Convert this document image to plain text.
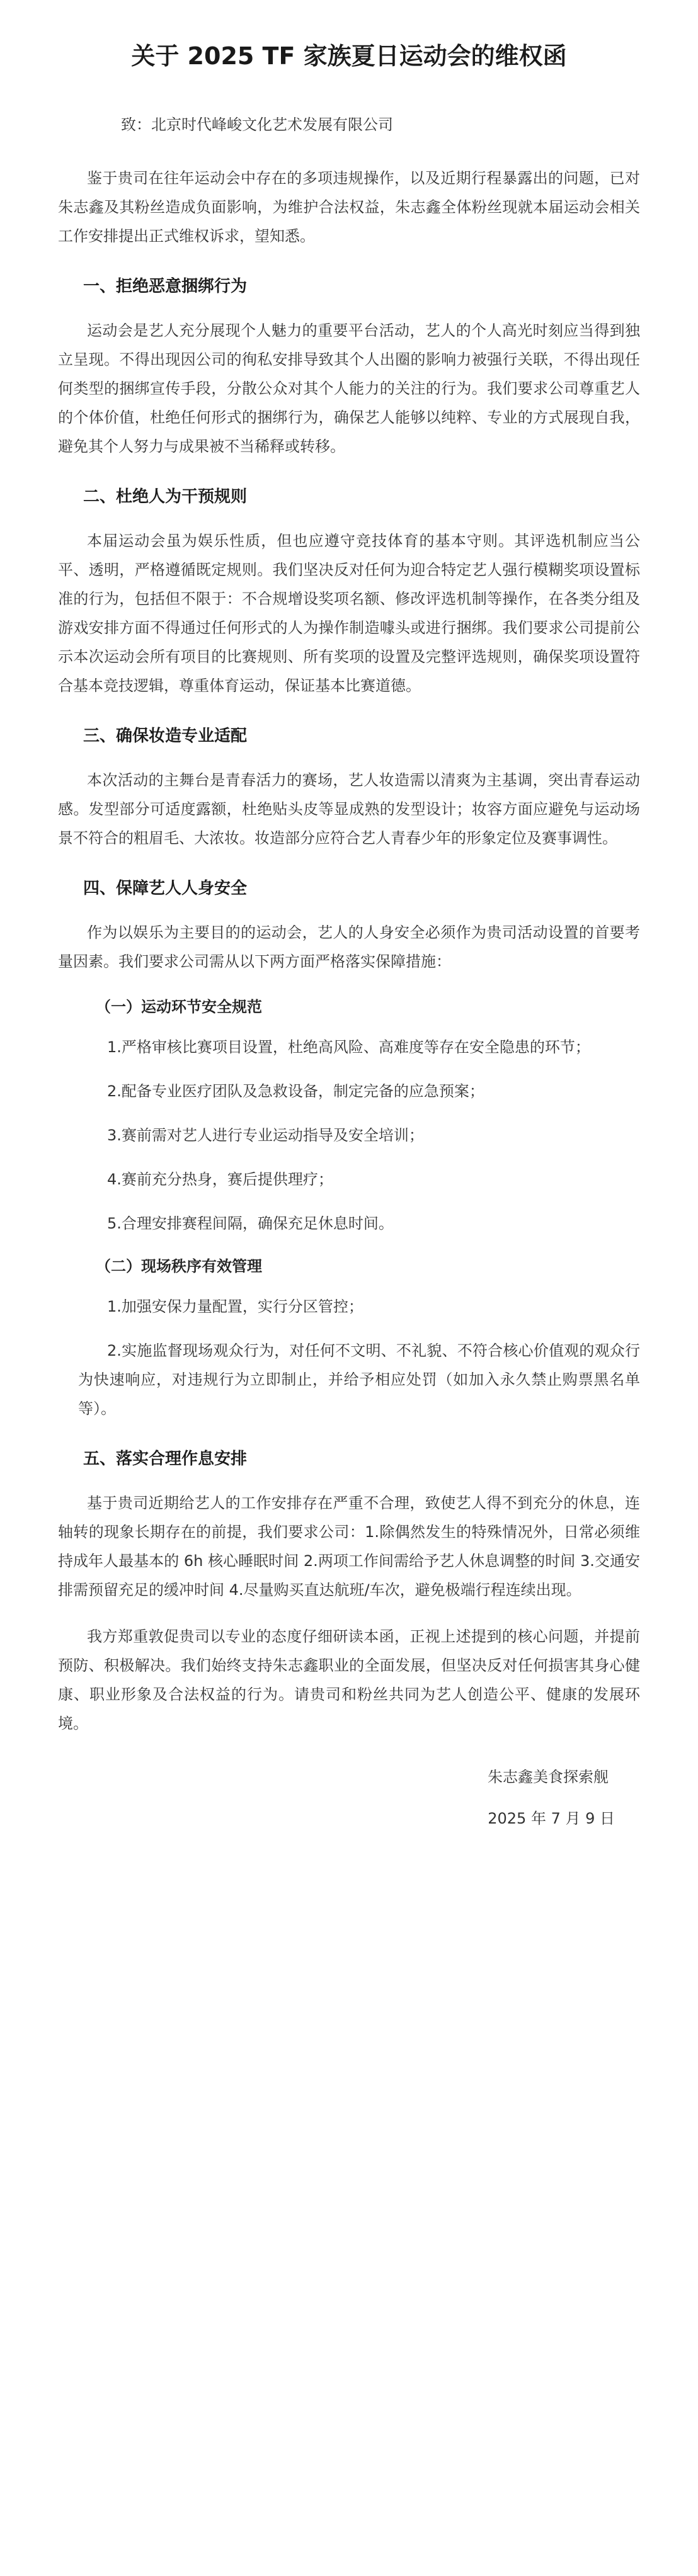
关于 2025 TF 家族夏日运动会的维权函

致：北京时代峰峻文化艺术发展有限公司

鉴于贵司在往年运动会中存在的多项违规操作，以及近期行程暴露出的问题，已对朱志鑫及其粉丝造成负面影响，为维护合法权益，朱志鑫全体粉丝现就本届运动会相关工作安排提出正式维权诉求，望知悉。

一、拒绝恶意捆绑行为

运动会是艺人充分展现个人魅力的重要平台活动，艺人的个人高光时刻应当得到独立呈现。不得出现因公司的徇私安排导致其个人出圈的影响力被强行关联，不得出现任何类型的捆绑宣传手段，分散公众对其个人能力的关注的行为。我们要求公司尊重艺人的个体价值，杜绝任何形式的捆绑行为，确保艺人能够以纯粹、专业的方式展现自我，避免其个人努力与成果被不当稀释或转移。

二、杜绝人为干预规则

本届运动会虽为娱乐性质，但也应遵守竞技体育的基本守则。其评选机制应当公平、透明，严格遵循既定规则。我们坚决反对任何为迎合特定艺人强行模糊奖项设置标准的行为，包括但不限于：不合规增设奖项名额、修改评选机制等操作，在各类分组及游戏安排方面不得通过任何形式的人为操作制造噱头或进行捆绑。我们要求公司提前公示本次运动会所有项目的比赛规则、所有奖项的设置及完整评选规则，确保奖项设置符合基本竞技逻辑，尊重体育运动，保证基本比赛道德。

三、确保妆造专业适配

本次活动的主舞台是青春活力的赛场，艺人妆造需以清爽为主基调，突出青春运动感。发型部分可适度露额，杜绝贴头皮等显成熟的发型设计；妆容方面应避免与运动场景不符合的粗眉毛、大浓妆。妆造部分应符合艺人青春少年的形象定位及赛事调性。

四、保障艺人人身安全

作为以娱乐为主要目的的运动会，艺人的人身安全必须作为贵司活动设置的首要考量因素。我们要求公司需从以下两方面严格落实保障措施：

（一）运动环节安全规范

1.严格审核比赛项目设置，杜绝高风险、高难度等存在安全隐患的环节；

2.配备专业医疗团队及急救设备，制定完备的应急预案；

3.赛前需对艺人进行专业运动指导及安全培训；

4.赛前充分热身，赛后提供理疗；

5.合理安排赛程间隔，确保充足休息时间。

（二）现场秩序有效管理

1.加强安保力量配置，实行分区管控；

2.实施监督现场观众行为，对任何不文明、不礼貌、不符合核心价值观的观众行为快速响应，对违规行为立即制止，并给予相应处罚（如加入永久禁止购票黑名单等）。

五、落实合理作息安排

基于贵司近期给艺人的工作安排存在严重不合理，致使艺人得不到充分的休息，连轴转的现象长期存在的前提，我们要求公司：1.除偶然发生的特殊情况外，日常必须维持成年人最基本的 6h 核心睡眠时间 2.两项工作间需给予艺人休息调整的时间 3.交通安排需预留充足的缓冲时间 4.尽量购买直达航班/车次，避免极端行程连续出现。

我方郑重敦促贵司以专业的态度仔细研读本函，正视上述提到的核心问题，并提前预防、积极解决。我们始终支持朱志鑫职业的全面发展，但坚决反对任何损害其身心健康、职业形象及合法权益的行为。请贵司和粉丝共同为艺人创造公平、健康的发展环境。

朱志鑫美食探索舰
2025 年 7 月 9 日
